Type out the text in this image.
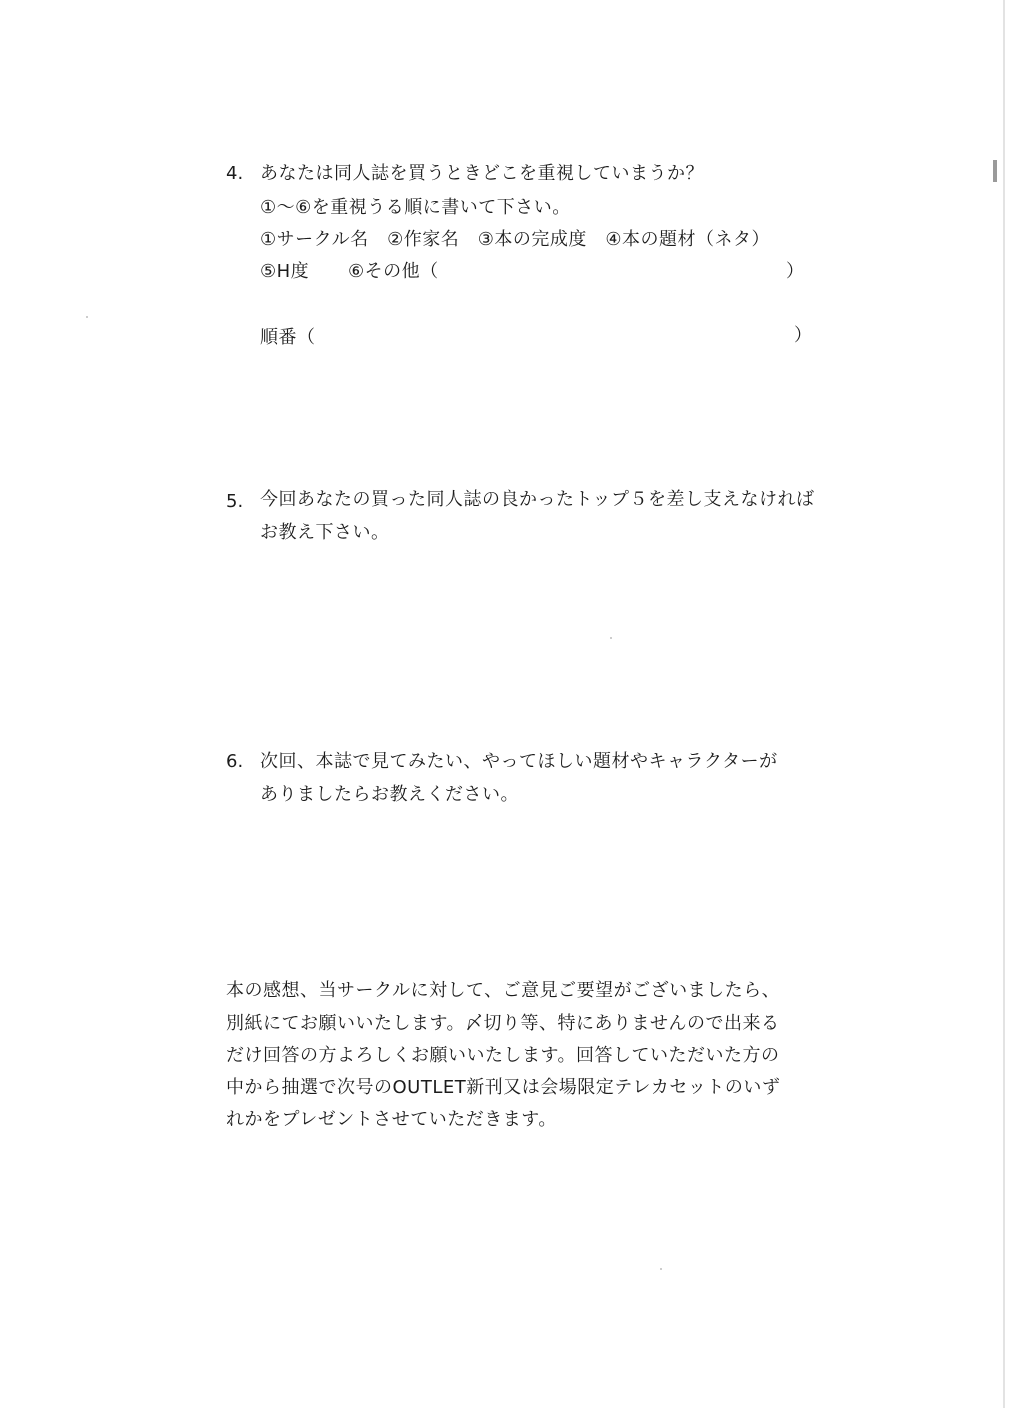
4. あなたは同人誌を買うときどこを重視していまうか？
①～⑥を重視うる順に書いて下さい。
①サークル名　②作家名　③本の完成度　④本の題材（ネタ）
⑤H度 ⑥その他（	）
順番（	）
5. 今回あなたの買った同人誌の良かったトップ５を差し支えなければ
お教え下さい。
6. 次回、本誌で見てみたい、やってほしい題材やキャラクターが
ありましたらお教えください。
本の感想、当サークルに対して、ご意見ご要望がございましたら、
別紙にてお願いいたします。〆切り等、特にありませんので出来る
だけ回答の方よろしくお願いいたします。回答していただいた方の
中から抽選で次号のOUTLET新刊又は会場限定テレカセットのいず
れかをプレゼントさせていただきます。
